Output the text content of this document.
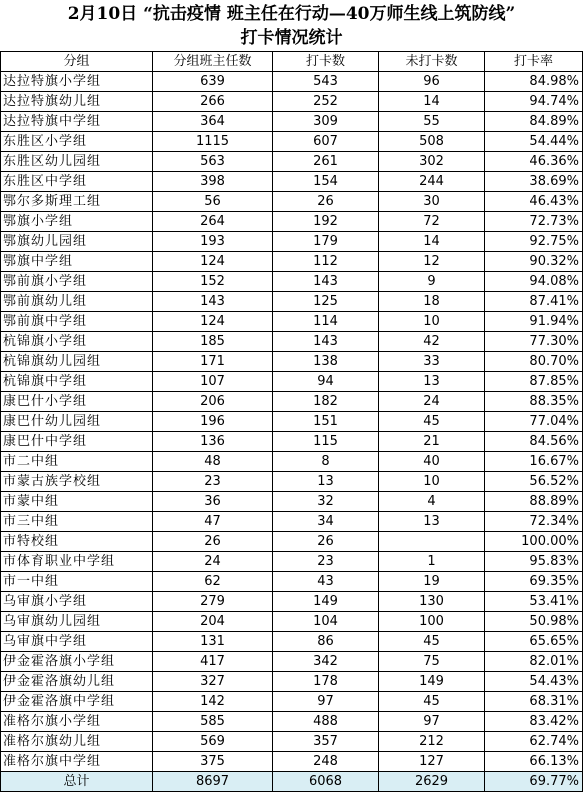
2月10日 “抗击疫情 班主任在行动—40万师生线上筑防线”
打卡情况统计
分组	分组班主任数	打卡数	未打卡数	打卡率
达拉特旗小学组	639	543	96	84.98%
达拉特旗幼儿组	266	252	14	94.74%
达拉特旗中学组	364	309	55	84.89%
东胜区小学组	1115	607	508	54.44%
东胜区幼儿园组	563	261	302	46.36%
东胜区中学组	398	154	244	38.69%
鄂尔多斯理工组	56	26	30	46.43%
鄂旗小学组	264	192	72	72.73%
鄂旗幼儿园组	193	179	14	92.75%
鄂旗中学组	124	112	12	90.32%
鄂前旗小学组	152	143	9	94.08%
鄂前旗幼儿组	143	125	18	87.41%
鄂前旗中学组	124	114	10	91.94%
杭锦旗小学组	185	143	42	77.30%
杭锦旗幼儿园组	171	138	33	80.70%
杭锦旗中学组	107	94	13	87.85%
康巴什小学组	206	182	24	88.35%
康巴什幼儿园组	196	151	45	77.04%
康巴什中学组	136	115	21	84.56%
市二中组	48	8	40	16.67%
市蒙古族学校组	23	13	10	56.52%
市蒙中组	36	32	4	88.89%
市三中组	47	34	13	72.34%
市特校组	26	26		100.00%
市体育职业中学组	24	23	1	95.83%
市一中组	62	43	19	69.35%
乌审旗小学组	279	149	130	53.41%
乌审旗幼儿园组	204	104	100	50.98%
乌审旗中学组	131	86	45	65.65%
伊金霍洛旗小学组	417	342	75	82.01%
伊金霍洛旗幼儿组	327	178	149	54.43%
伊金霍洛旗中学组	142	97	45	68.31%
准格尔旗小学组	585	488	97	83.42%
准格尔旗幼儿组	569	357	212	62.74%
准格尔旗中学组	375	248	127	66.13%
总计	8697	6068	2629	69.77%
